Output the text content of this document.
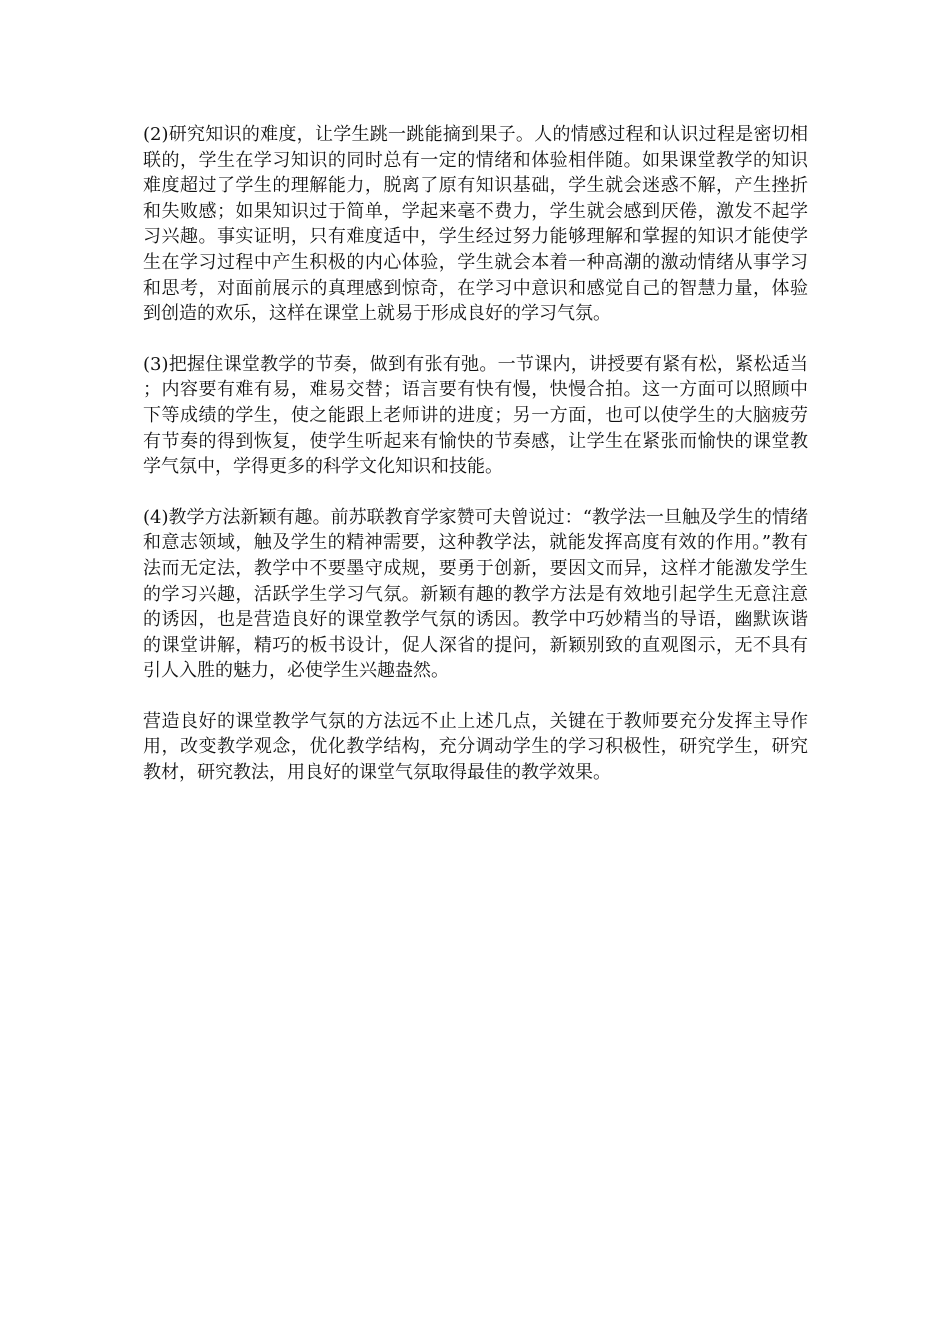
(2)研究知识的难度，让学生跳一跳能摘到果子。人的情感过程和认识过程是密切相联的，学生在学习知识的同时总有一定的情绪和体验相伴随。如果课堂教学的知识难度超过了学生的理解能力，脱离了原有知识基础，学生就会迷惑不解，产生挫折和失败感；如果知识过于简单，学起来毫不费力，学生就会感到厌倦，激发不起学习兴趣。事实证明，只有难度适中，学生经过努力能够理解和掌握的知识才能使学生在学习过程中产生积极的内心体验，学生就会本着一种高潮的激动情绪从事学习和思考，对面前展示的真理感到惊奇，在学习中意识和感觉自己的智慧力量，体验到创造的欢乐，这样在课堂上就易于形成良好的学习气氛。

(3)把握住课堂教学的节奏，做到有张有弛。一节课内，讲授要有紧有松，紧松适当；内容要有难有易，难易交替；语言要有快有慢，快慢合拍。这一方面可以照顾中下等成绩的学生，使之能跟上老师讲的进度；另一方面，也可以使学生的大脑疲劳有节奏的得到恢复，使学生听起来有愉快的节奏感，让学生在紧张而愉快的课堂教学气氛中，学得更多的科学文化知识和技能。

(4)教学方法新颖有趣。前苏联教育学家赞可夫曾说过：“教学法一旦触及学生的情绪和意志领域，触及学生的精神需要，这种教学法，就能发挥高度有效的作用。”教有法而无定法，教学中不要墨守成规，要勇于创新，要因文而异，这样才能激发学生的学习兴趣，活跃学生学习气氛。新颖有趣的教学方法是有效地引起学生无意注意的诱因，也是营造良好的课堂教学气氛的诱因。教学中巧妙精当的导语，幽默诙谐的课堂讲解，精巧的板书设计，促人深省的提问，新颖别致的直观图示，无不具有引人入胜的魅力，必使学生兴趣盎然。

营造良好的课堂教学气氛的方法远不止上述几点，关键在于教师要充分发挥主导作用，改变教学观念，优化教学结构，充分调动学生的学习积极性，研究学生，研究教材，研究教法，用良好的课堂气氛取得最佳的教学效果。
